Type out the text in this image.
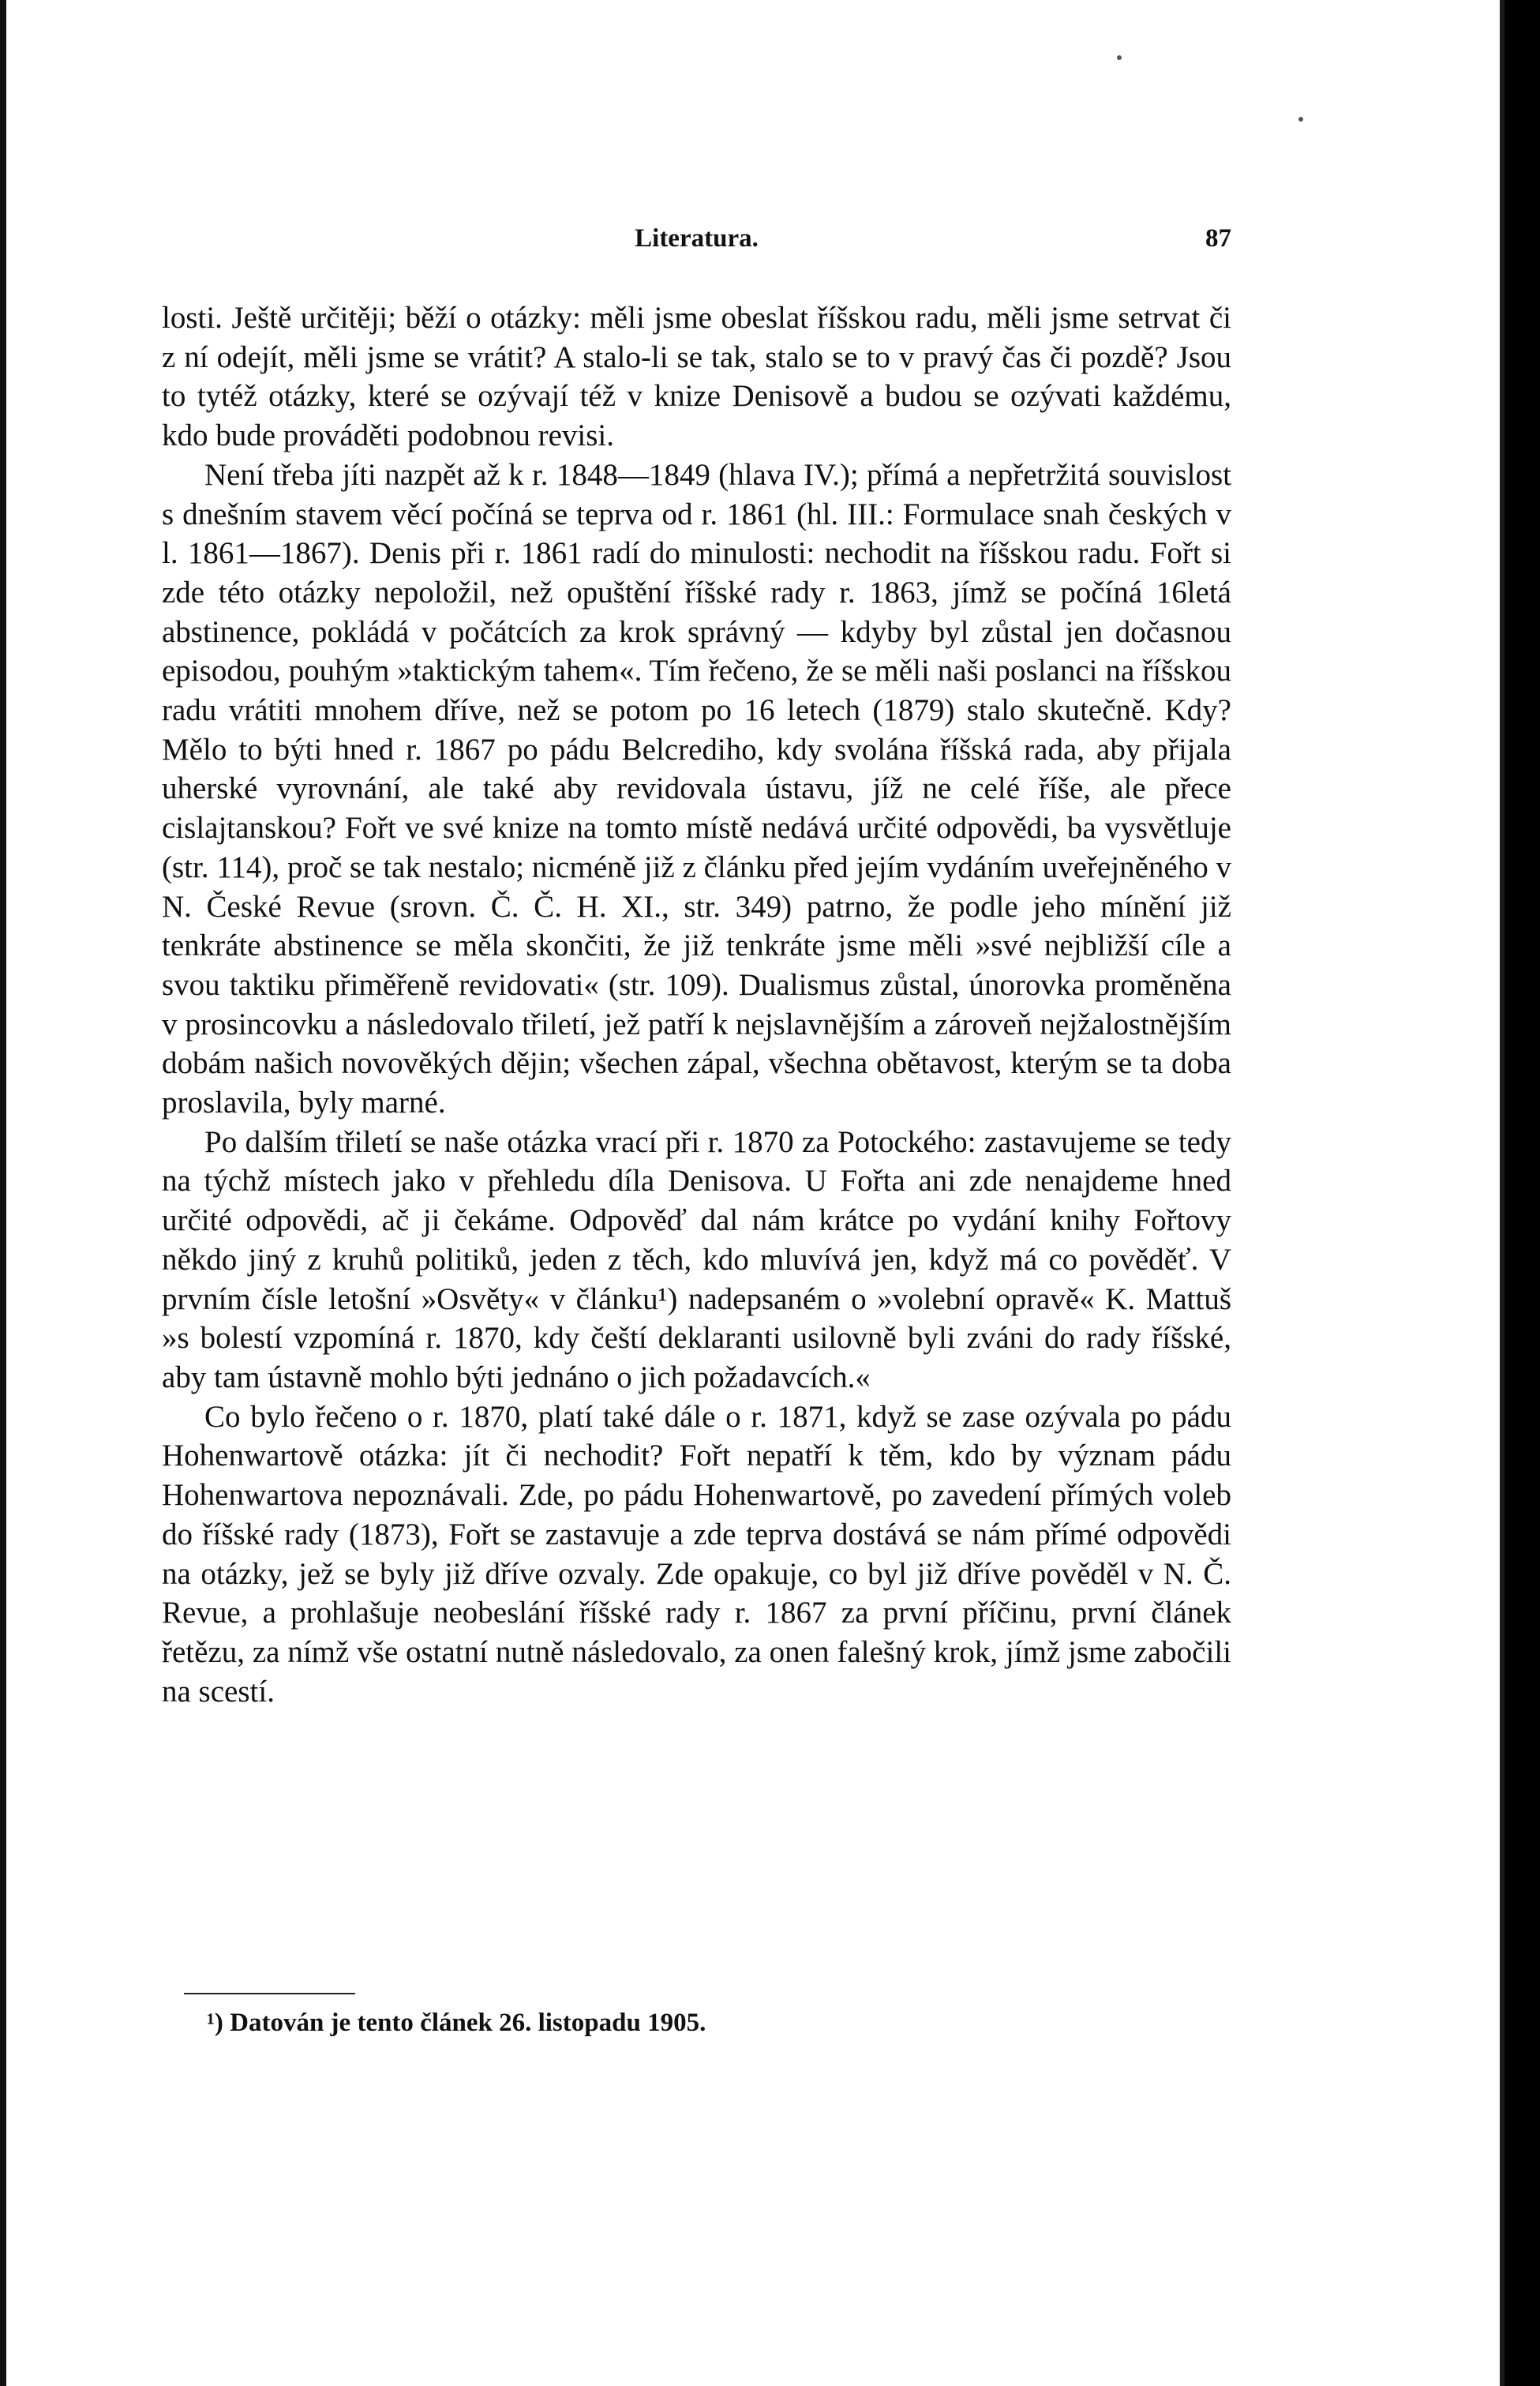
Literatura.	87

losti. Ještě určitěji; běží o otázky: měli jsme obeslat říšskou radu, měli jsme setrvat či z ní odejít, měli jsme se vrátit? A stalo-li se tak, stalo se to v pravý čas či pozdě? Jsou to tytéž otázky, které se ozývají též v knize Denisově a budou se ozývati každému, kdo bude prováděti podobnou revisi.

Není třeba jíti nazpět až k r. 1848—1849 (hlava IV.); přímá a nepřetržitá souvislost s dnešním stavem věcí počíná se teprva od r. 1861 (hl. III.: Formulace snah českých v l. 1861—1867). Denis při r. 1861 radí do minulosti: nechodit na říšskou radu. Fořt si zde této otázky nepoložil, než opuštění říšské rady r. 1863, jímž se počíná 16letá abstinence, pokládá v počátcích za krok správný — kdyby byl zůstal jen dočasnou episodou, pouhým »taktickým tahem«. Tím řečeno, že se měli naši poslanci na říšskou radu vrátiti mnohem dříve, než se potom po 16 letech (1879) stalo skutečně. Kdy? Mělo to býti hned r. 1867 po pádu Belcrediho, kdy svolána říšská rada, aby přijala uherské vyrovnání, ale také aby revidovala ústavu, jíž ne celé říše, ale přece cislajtanskou? Fořt ve své knize na tomto místě nedává určité odpovědi, ba vysvětluje (str. 114), proč se tak nestalo; nicméně již z článku před jejím vydáním uveřejněného v N. České Revue (srovn. Č. Č. H. XI., str. 349) patrno, že podle jeho mínění již tenkráte abstinence se měla skončiti, že již tenkráte jsme měli »své nejbližší cíle a svou taktiku přiměřeně revidovati« (str. 109). Dualismus zůstal, únorovka proměněna v prosincovku a následovalo třiletí, jež patří k nejslavnějším a zároveň nejžalostnějším dobám našich novověkých dějin; všechen zápal, všechna obětavost, kterým se ta doba proslavila, byly marné.

Po dalším třiletí se naše otázka vrací při r. 1870 za Potockého: zastavujeme se tedy na týchž místech jako v přehledu díla Denisova. U Fořta ani zde nenajdeme hned určité odpovědi, ač ji čekáme. Odpověď dal nám krátce po vydání knihy Fořtovy někdo jiný z kruhů politiků, jeden z těch, kdo mluvívá jen, když má co pověděť. V prvním čísle letošní »Osvěty« v článku¹) nadepsaném o »volební opravě« K. Mattuš »s bolestí vzpomíná r. 1870, kdy čeští deklaranti usilovně byli zváni do rady říšské, aby tam ústavně mohlo býti jednáno o jich požadavcích.«

Co bylo řečeno o r. 1870, platí také dále o r. 1871, když se zase ozývala po pádu Hohenwartově otázka: jít či nechodit? Fořt nepatří k těm, kdo by význam pádu Hohenwartova nepoznávali. Zde, po pádu Hohenwartově, po zavedení přímých voleb do říšské rady (1873), Fořt se zastavuje a zde teprva dostává se nám přímé odpovědi na otázky, jež se byly již dříve ozvaly. Zde opakuje, co byl již dříve pověděl v N. Č. Revue, a prohlašuje neobeslání říšské rady r. 1867 za první příčinu, první článek řetězu, za nímž vše ostatní nutně následovalo, za onen falešný krok, jímž jsme zabočili na scestí.

¹) Datován je tento článek 26. listopadu 1905.
